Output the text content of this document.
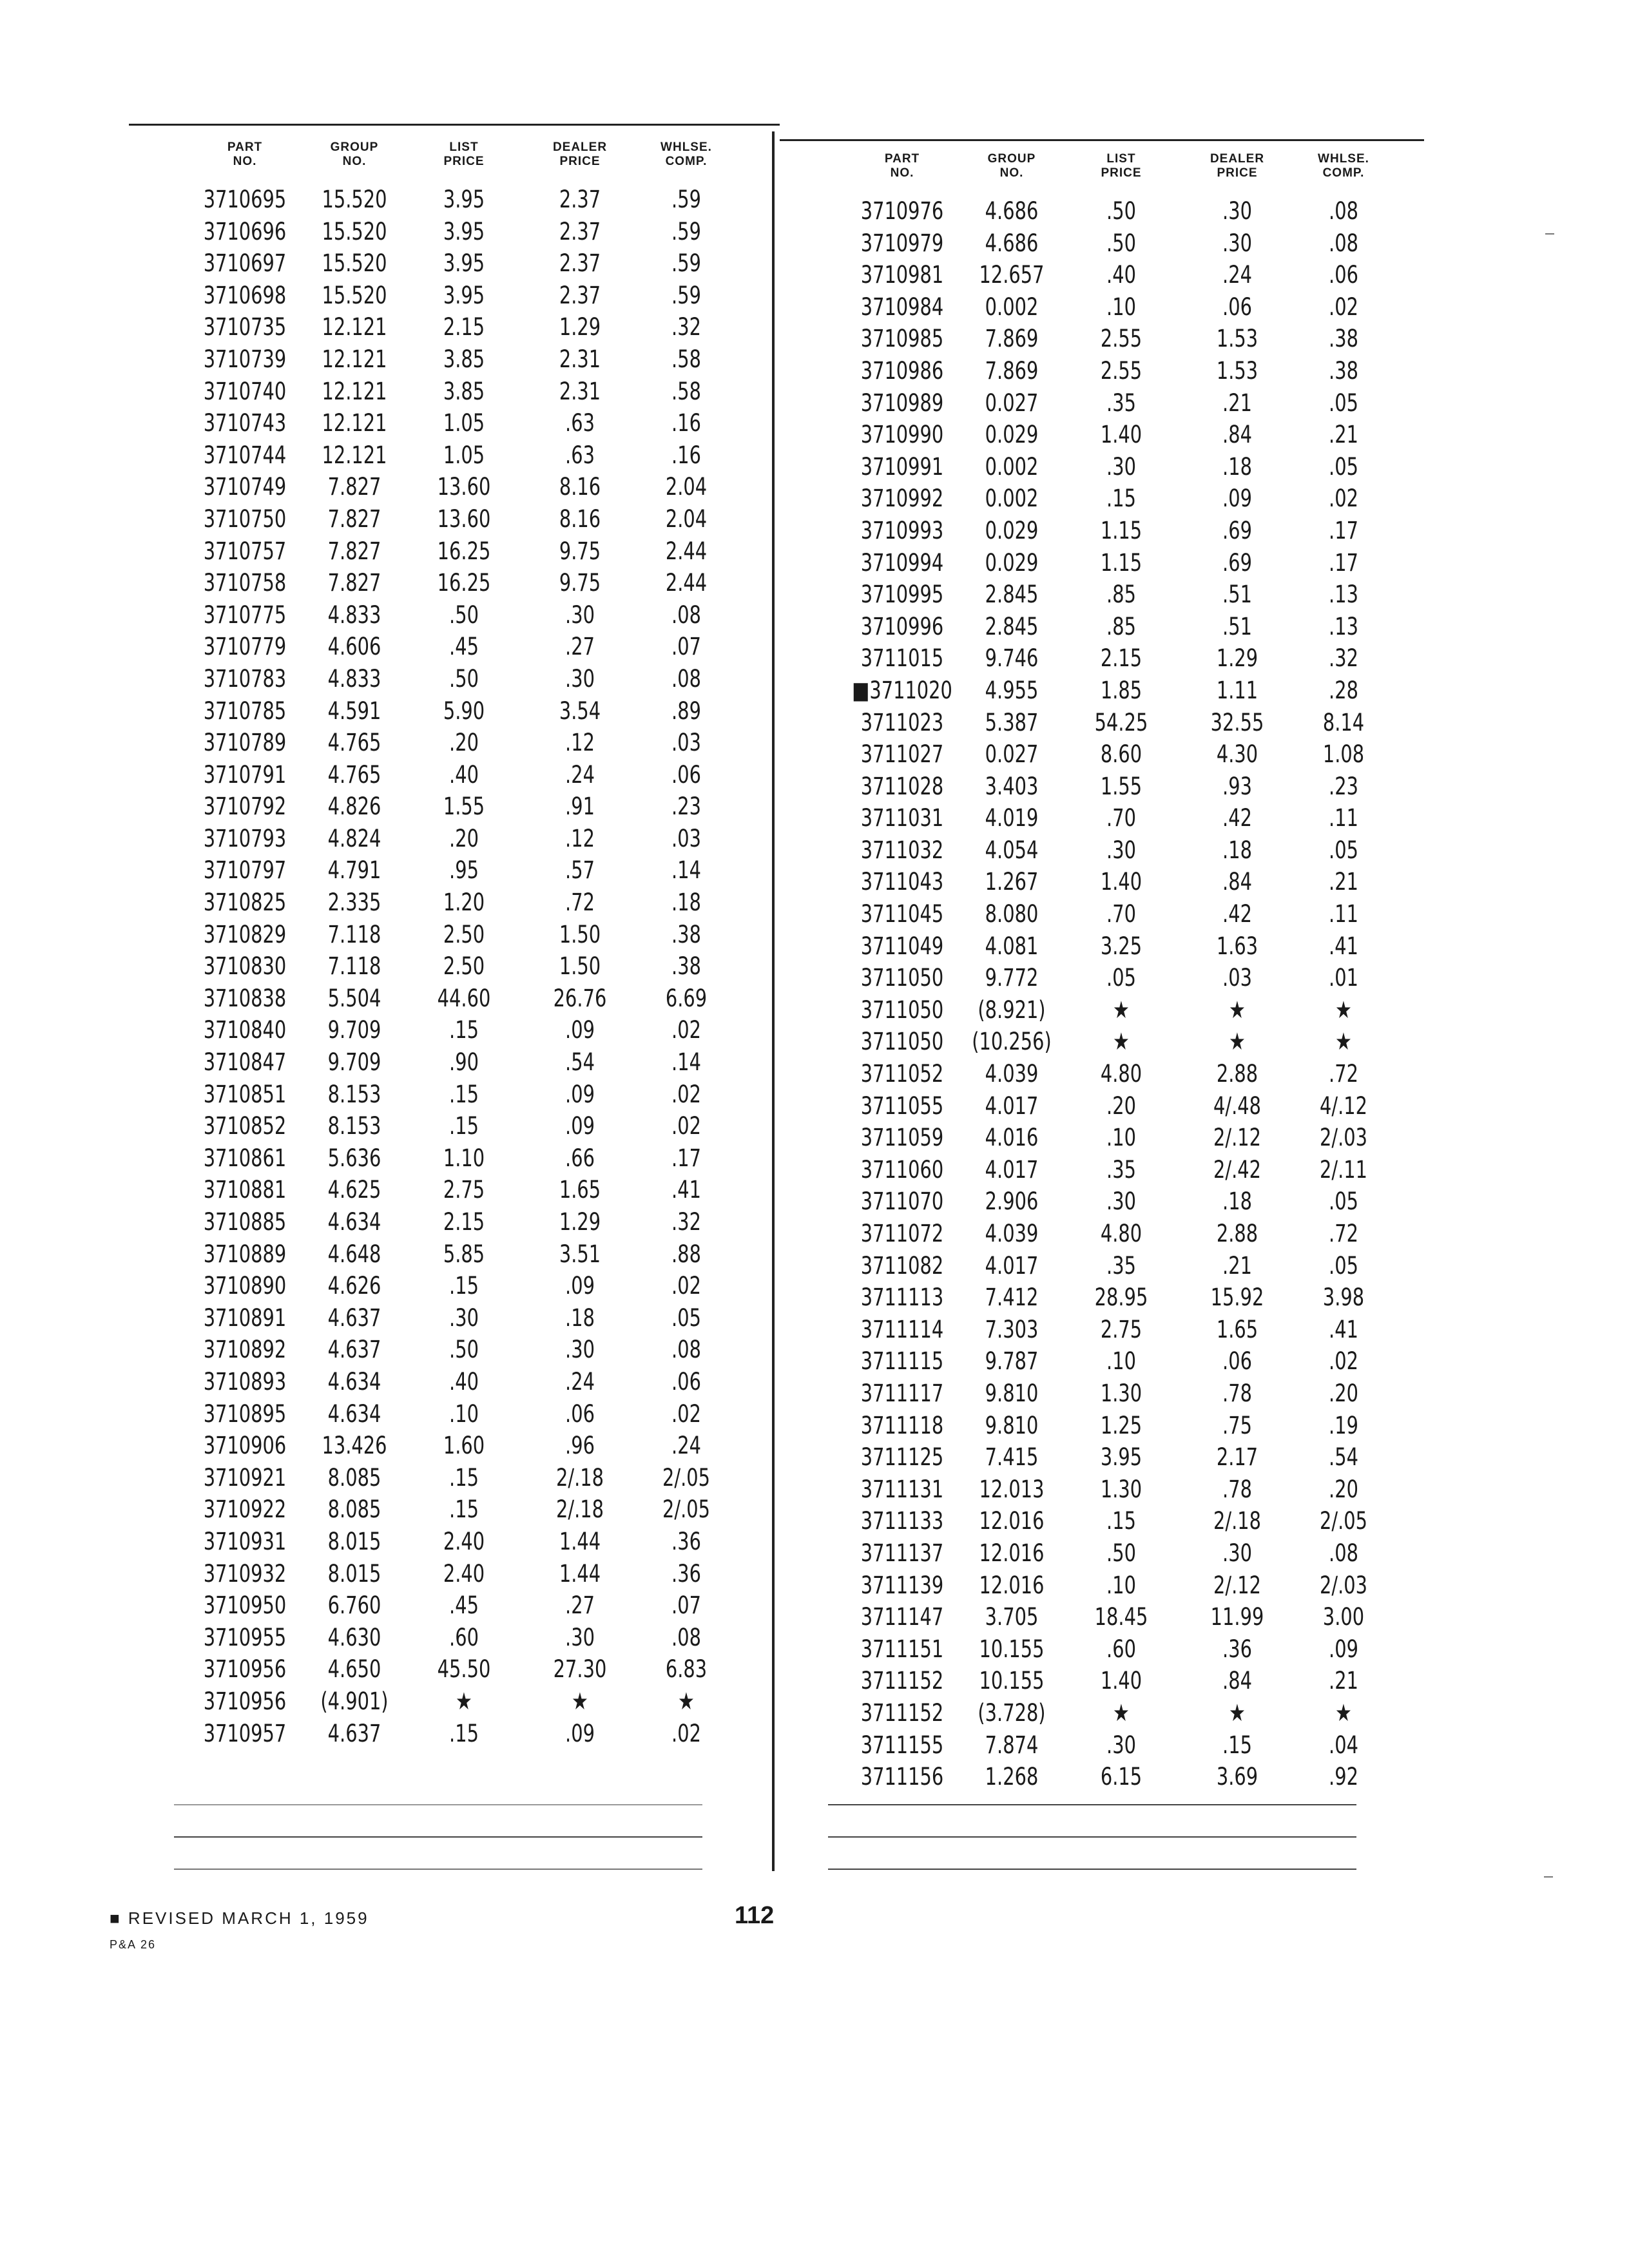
PART
NO.
GROUP
NO.
LIST
PRICE
DEALER
PRICE
WHLSE.
COMP.
3710695	15.520	3.95	2.37	.59
3710696	15.520	3.95	2.37	.59
3710697	15.520	3.95	2.37	.59
3710698	15.520	3.95	2.37	.59
3710735	12.121	2.15	1.29	.32
3710739	12.121	3.85	2.31	.58
3710740	12.121	3.85	2.31	.58
3710743	12.121	1.05	.63	.16
3710744	12.121	1.05	.63	.16
3710749	7.827	13.60	8.16	2.04
3710750	7.827	13.60	8.16	2.04
3710757	7.827	16.25	9.75	2.44
3710758	7.827	16.25	9.75	2.44
3710775	4.833	.50	.30	.08
3710779	4.606	.45	.27	.07
3710783	4.833	.50	.30	.08
3710785	4.591	5.90	3.54	.89
3710789	4.765	.20	.12	.03
3710791	4.765	.40	.24	.06
3710792	4.826	1.55	.91	.23
3710793	4.824	.20	.12	.03
3710797	4.791	.95	.57	.14
3710825	2.335	1.20	.72	.18
3710829	7.118	2.50	1.50	.38
3710830	7.118	2.50	1.50	.38
3710838	5.504	44.60	26.76	6.69
3710840	9.709	.15	.09	.02
3710847	9.709	.90	.54	.14
3710851	8.153	.15	.09	.02
3710852	8.153	.15	.09	.02
3710861	5.636	1.10	.66	.17
3710881	4.625	2.75	1.65	.41
3710885	4.634	2.15	1.29	.32
3710889	4.648	5.85	3.51	.88
3710890	4.626	.15	.09	.02
3710891	4.637	.30	.18	.05
3710892	4.637	.50	.30	.08
3710893	4.634	.40	.24	.06
3710895	4.634	.10	.06	.02
3710906	13.426	1.60	.96	.24
3710921	8.085	.15	2/.18	2/.05
3710922	8.085	.15	2/.18	2/.05
3710931	8.015	2.40	1.44	.36
3710932	8.015	2.40	1.44	.36
3710950	6.760	.45	.27	.07
3710955	4.630	.60	.30	.08
3710956	4.650	45.50	27.30	6.83
3710956	(4.901)	★	★	★
3710957	4.637	.15	.09	.02
PART
NO.
GROUP
NO.
LIST
PRICE
DEALER
PRICE
WHLSE.
COMP.
3710976	4.686	.50	.30	.08
3710979	4.686	.50	.30	.08
3710981	12.657	.40	.24	.06
3710984	0.002	.10	.06	.02
3710985	7.869	2.55	1.53	.38
3710986	7.869	2.55	1.53	.38
3710989	0.027	.35	.21	.05
3710990	0.029	1.40	.84	.21
3710991	0.002	.30	.18	.05
3710992	0.002	.15	.09	.02
3710993	0.029	1.15	.69	.17
3710994	0.029	1.15	.69	.17
3710995	2.845	.85	.51	.13
3710996	2.845	.85	.51	.13
3711015	9.746	2.15	1.29	.32
■3711020	4.955	1.85	1.11	.28
3711023	5.387	54.25	32.55	8.14
3711027	0.027	8.60	4.30	1.08
3711028	3.403	1.55	.93	.23
3711031	4.019	.70	.42	.11
3711032	4.054	.30	.18	.05
3711043	1.267	1.40	.84	.21
3711045	8.080	.70	.42	.11
3711049	4.081	3.25	1.63	.41
3711050	9.772	.05	.03	.01
3711050	(8.921)	★	★	★
3711050	(10.256)	★	★	★
3711052	4.039	4.80	2.88	.72
3711055	4.017	.20	4/.48	4/.12
3711059	4.016	.10	2/.12	2/.03
3711060	4.017	.35	2/.42	2/.11
3711070	2.906	.30	.18	.05
3711072	4.039	4.80	2.88	.72
3711082	4.017	.35	.21	.05
3711113	7.412	28.95	15.92	3.98
3711114	7.303	2.75	1.65	.41
3711115	9.787	.10	.06	.02
3711117	9.810	1.30	.78	.20
3711118	9.810	1.25	.75	.19
3711125	7.415	3.95	2.17	.54
3711131	12.013	1.30	.78	.20
3711133	12.016	.15	2/.18	2/.05
3711137	12.016	.50	.30	.08
3711139	12.016	.10	2/.12	2/.03
3711147	3.705	18.45	11.99	3.00
3711151	10.155	.60	.36	.09
3711152	10.155	1.40	.84	.21
3711152	(3.728)	★	★	★
3711155	7.874	.30	.15	.04
3711156	1.268	6.15	3.69	.92
■ REVISED MARCH 1, 1959
P&A 26
112
